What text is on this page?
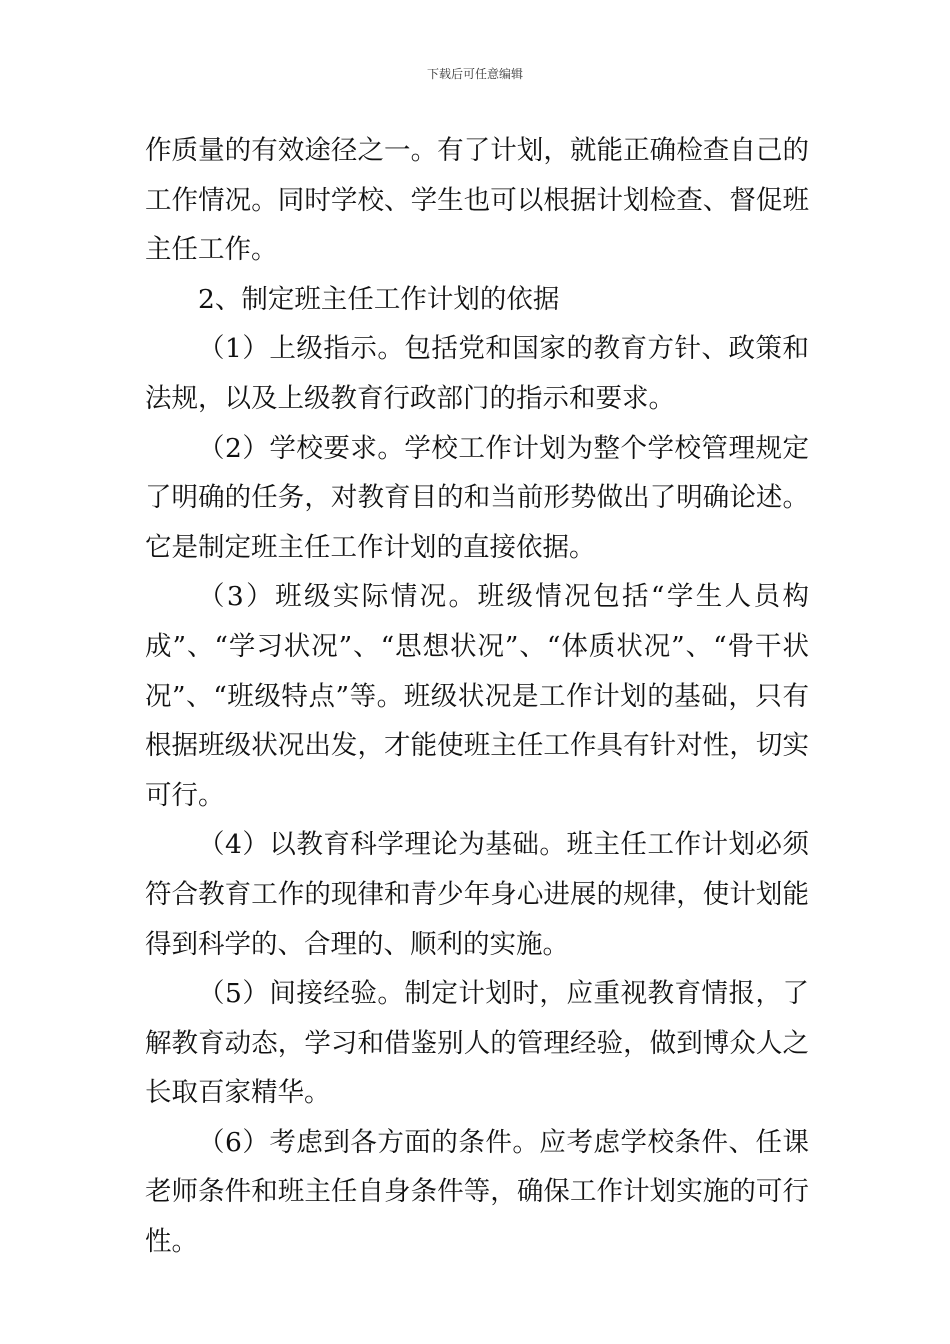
下载后可任意编辑

作质量的有效途径之一。有了计划，就能正确检查自己的工作情况。同时学校、学生也可以根据计划检查、督促班主任工作。

2、制定班主任工作计划的依据

（1）上级指示。包括党和国家的教育方针、政策和法规，以及上级教育行政部门的指示和要求。

（2）学校要求。学校工作计划为整个学校管理规定了明确的任务，对教育目的和当前形势做出了明确论述。它是制定班主任工作计划的直接依据。

（3）班级实际情况。班级情况包括“学生人员构成”、“学习状况”、“思想状况”、“体质状况”、“骨干状况”、“班级特点”等。班级状况是工作计划的基础，只有根据班级状况出发，才能使班主任工作具有针对性，切实可行。

（4）以教育科学理论为基础。班主任工作计划必须符合教育工作的现律和青少年身心进展的规律，使计划能得到科学的、合理的、顺利的实施。

（5）间接经验。制定计划时，应重视教育情报，了解教育动态，学习和借鉴别人的管理经验，做到博众人之长取百家精华。

（6）考虑到各方面的条件。应考虑学校条件、任课老师条件和班主任自身条件等，确保工作计划实施的可行性。
